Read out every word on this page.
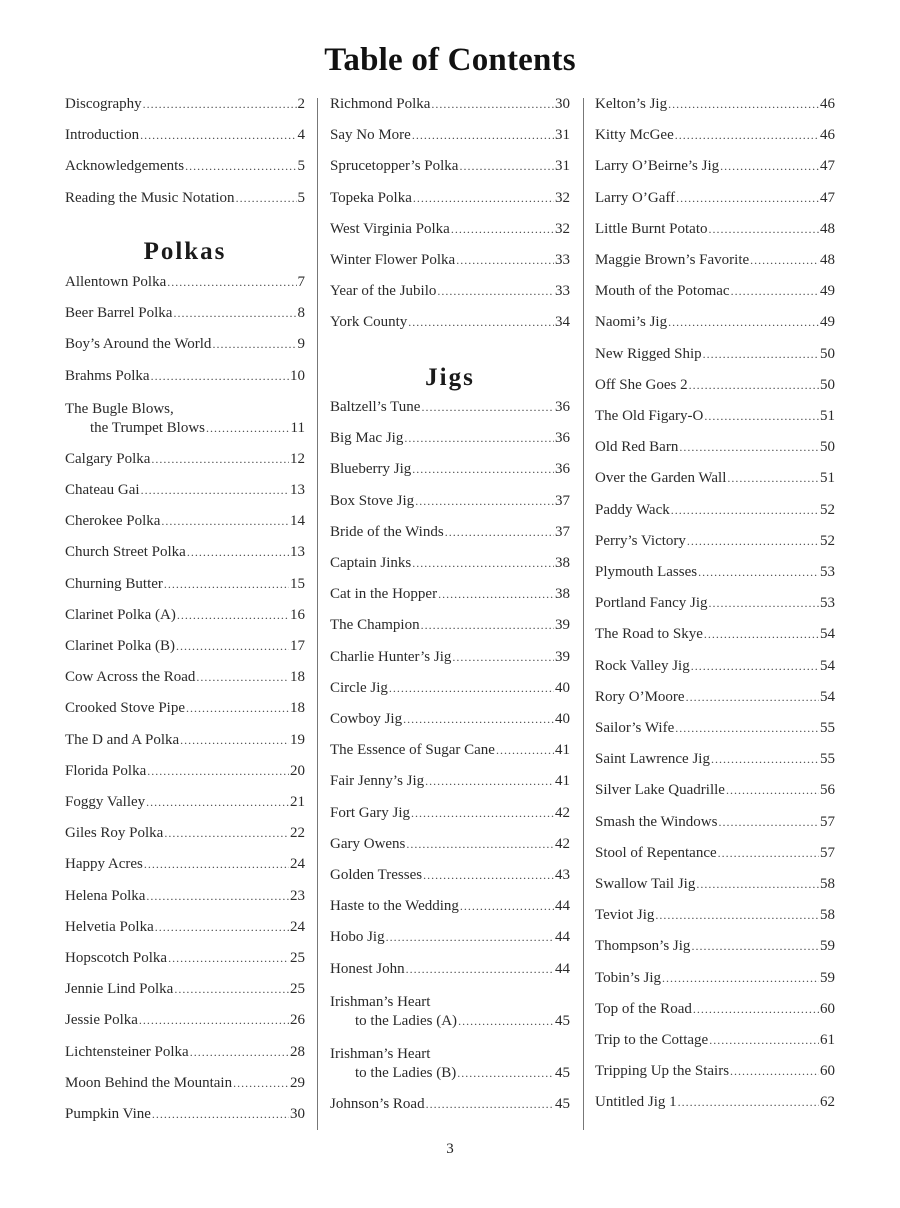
Table of Contents
Discography .....	2
Introduction .....	4
Acknowledgements .....	5
Reading the Music Notation .....	5
Polkas
Allentown Polka .....	7
Beer Barrel Polka .....	8
Boy’s Around the World .....	9
Brahms Polka .....	10
The Bugle Blows,
the Trumpet Blows .....	11
Calgary Polka .....	12
Chateau Gai .....	13
Cherokee Polka .....	14
Church Street Polka .....	13
Churning Butter .....	15
Clarinet Polka (A) .....	16
Clarinet Polka (B) .....	17
Cow Across the Road .....	18
Crooked Stove Pipe .....	18
The D and A Polka .....	19
Florida Polka .....	20
Foggy Valley .....	21
Giles Roy Polka .....	22
Happy Acres .....	24
Helena Polka .....	23
Helvetia Polka .....	24
Hopscotch Polka .....	25
Jennie Lind Polka .....	25
Jessie Polka .....	26
Lichtensteiner Polka .....	28
Moon Behind the Mountain .....	29
Pumpkin Vine .....	30
Richmond Polka .....	30
Say No More .....	31
Sprucetopper’s Polka .....	31
Topeka Polka .....	32
West Virginia Polka .....	32
Winter Flower Polka .....	33
Year of the Jubilo .....	33
York County .....	34
Jigs
Baltzell’s Tune .....	36
Big Mac Jig .....	36
Blueberry Jig .....	36
Box Stove Jig .....	37
Bride of the Winds .....	37
Captain Jinks .....	38
Cat in the Hopper .....	38
The Champion .....	39
Charlie Hunter’s Jig .....	39
Circle Jig .....	40
Cowboy Jig .....	40
The Essence of Sugar Cane .....	41
Fair Jenny’s Jig .....	41
Fort Gary Jig .....	42
Gary Owens .....	42
Golden Tresses .....	43
Haste to the Wedding .....	44
Hobo Jig .....	44
Honest John .....	44
Irishman’s Heart
to the Ladies (A) .....	45
Irishman’s Heart
to the Ladies (B) .....	45
Johnson’s Road .....	45
Kelton’s Jig .....	46
Kitty McGee .....	46
Larry O’Beirne’s Jig .....	47
Larry O’Gaff .....	47
Little Burnt Potato .....	48
Maggie Brown’s Favorite .....	48
Mouth of the Potomac .....	49
Naomi’s Jig .....	49
New Rigged Ship .....	50
Off She Goes 2 .....	50
The Old Figary-O .....	51
Old Red Barn .....	50
Over the Garden Wall .....	51
Paddy Wack .....	52
Perry’s Victory .....	52
Plymouth Lasses .....	53
Portland Fancy Jig .....	53
The Road to Skye .....	54
Rock Valley Jig .....	54
Rory O’Moore .....	54
Sailor’s Wife .....	55
Saint Lawrence Jig .....	55
Silver Lake Quadrille .....	56
Smash the Windows .....	57
Stool of Repentance .....	57
Swallow Tail Jig .....	58
Teviot Jig .....	58
Thompson’s Jig .....	59
Tobin’s Jig .....	59
Top of the Road .....	60
Trip to the Cottage .....	61
Tripping Up the Stairs .....	60
Untitled Jig 1 .....	62
3
